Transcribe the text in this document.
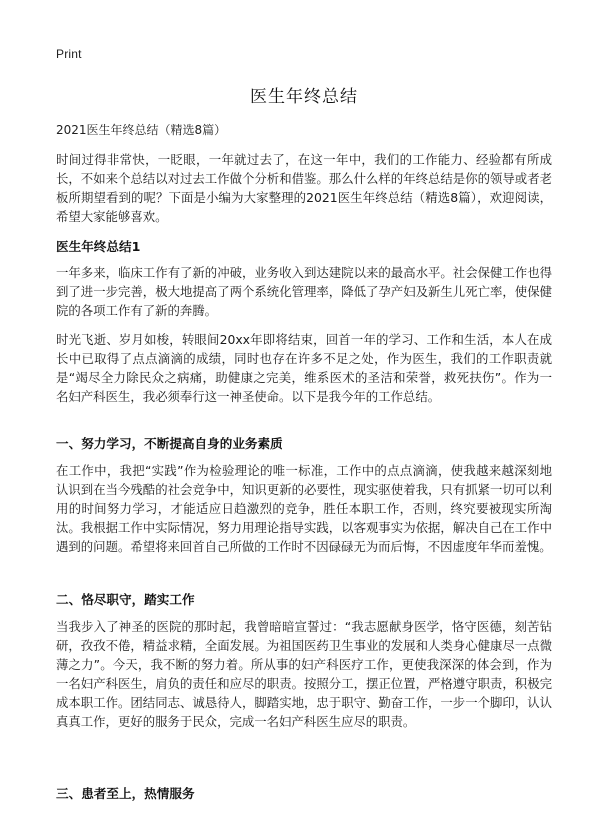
Print
医生年终总结

2021医生年终总结（精选8篇）

时间过得非常快，一眨眼，一年就过去了，在这一年中，我们的工作能力、经验都有所成长，不如来个总结以对过去工作做个分析和借鉴。那么什么样的年终总结是你的领导或者老板所期望看到的呢？下面是小编为大家整理的2021医生年终总结（精选8篇），欢迎阅读，希望大家能够喜欢。

医生年终总结1

一年多来，临床工作有了新的冲破，业务收入到达建院以来的最高水平。社会保健工作也得到了进一步完善，极大地提高了两个系统化管理率，降低了孕产妇及新生儿死亡率，使保健院的各项工作有了新的奔腾。

时光飞逝、岁月如梭，转眼间20xx年即将结束，回首一年的学习、工作和生活，本人在成长中已取得了点点滴滴的成绩，同时也存在许多不足之处，作为医生，我们的工作职责就是“竭尽全力除民众之病痛，助健康之完美，维系医术的圣洁和荣誉，救死扶伤”。作为一名妇产科医生，我必须奉行这一神圣使命。以下是我今年的工作总结。

一、努力学习，不断提高自身的业务素质

在工作中，我把“实践”作为检验理论的唯一标准，工作中的点点滴滴，使我越来越深刻地认识到在当今残酷的社会竞争中，知识更新的必要性，现实驱使着我，只有抓紧一切可以利用的时间努力学习，才能适应日趋激烈的竞争，胜任本职工作，否则，终究要被现实所淘汰。我根据工作中实际情况，努力用理论指导实践，以客观事实为依据，解决自己在工作中遇到的问题。希望将来回首自己所做的工作时不因碌碌无为而后悔，不因虚度年华而羞愧。

二、恪尽职守，踏实工作

当我步入了神圣的医院的那时起，我曾暗暗宣誓过：“我志愿献身医学，恪守医德，刻苦钻研，孜孜不倦，精益求精，全面发展。为祖国医药卫生事业的发展和人类身心健康尽一点微薄之力”。今天，我不断的努力着。所从事的妇产科医疗工作，更使我深深的体会到，作为一名妇产科医生，肩负的责任和应尽的职责。按照分工，摆正位置，严格遵守职责，积极完成本职工作。团结同志、诚恳待人，脚踏实地，忠于职守、勤奋工作，一步一个脚印，认认真真工作，更好的服务于民众，完成一名妇产科医生应尽的职责。

三、患者至上，热情服务
